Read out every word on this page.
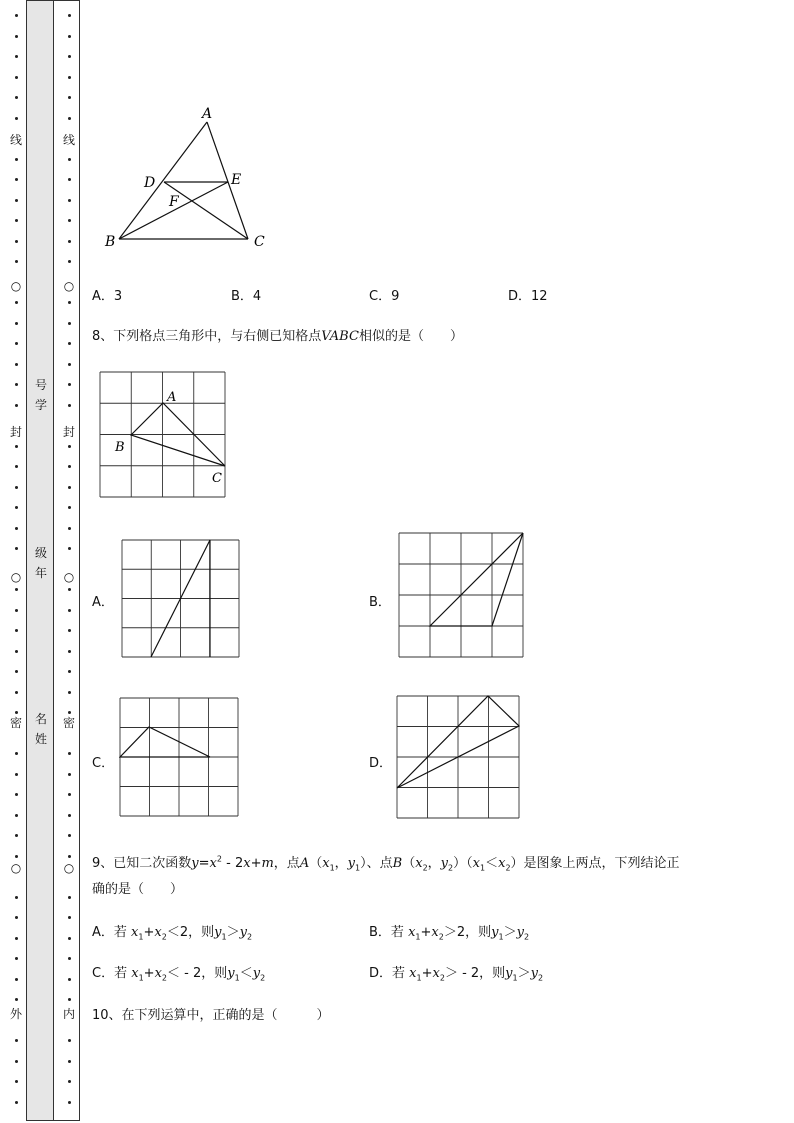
线
○
封
○
密
○
外
线
○
封
○
密
○
内
号
学
级
年
名
姓
A
D	E
F
B	C
A．3	B．4	C．9	D．12
8、下列格点三角形中，与右侧已知格点VABC相似的是（　　）
A
B
C
A．	B．
C．	D．
9、已知二次函数$y=x^2 - 2x+m$，点$A(x_1$，$y_1$）、点$B(x_2$，$y_2)(x_1<x_2)$是图象上两点，下列结论正
确的是（　　）
A．若 $x_1+x_2<2$，则$y_1>y_2$	B．若 $x_1+x_2>2$，则$y_1>y_2$
C．若 $x_1+x_2< - 2$，则$y_1<y_2$	D．若 $x_1+x_2> - 2$，则$y_1>y_2$
10、在下列运算中，正确的是（　　　）
